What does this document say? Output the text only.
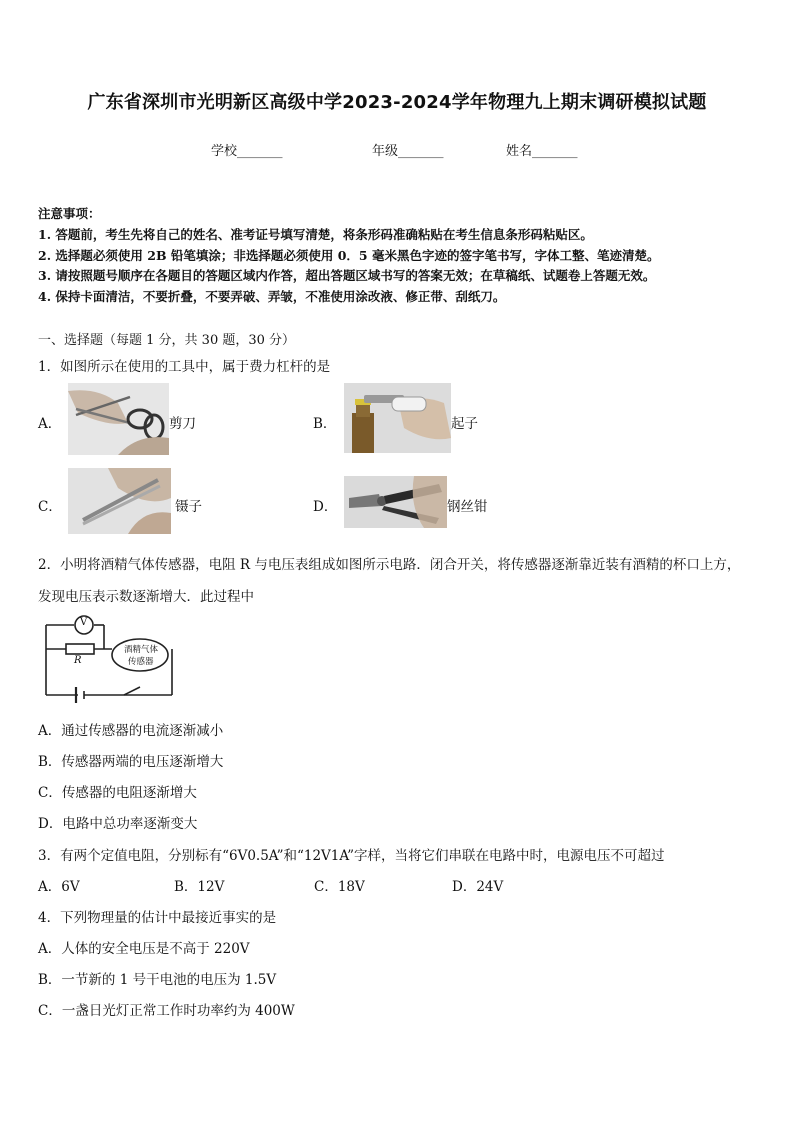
广东省深圳市光明新区高级中学2023-2024学年物理九上期末调研模拟试题
学校_______	年级_______	姓名_______
注意事项：
1. 答题前，考生先将自己的姓名、准考证号填写清楚，将条形码准确粘贴在考生信息条形码粘贴区。
2. 选择题必须使用 2B 铅笔填涂；非选择题必须使用 0．5 毫米黑色字迹的签字笔书写，字体工整、笔迹清楚。
3. 请按照题号顺序在各题目的答题区域内作答，超出答题区域书写的答案无效；在草稿纸、试题卷上答题无效。
4. 保持卡面清洁，不要折叠，不要弄破、弄皱，不准使用涂改液、修正带、刮纸刀。
一、选择题（每题 1 分，共 30 题，30 分）
1．如图所示在使用的工具中，属于费力杠杆的是
A．	剪刀	B．	起子
C．	镊子	D．	钢丝钳
2．小明将酒精气体传感器，电阻 R 与电压表组成如图所示电路．闭合开关，将传感器逐渐靠近装有酒精的杯口上方，
发现电压表示数逐渐增大．此过程中
V
R
酒精气体
传感器
A．通过传感器的电流逐渐减小
B．传感器两端的电压逐渐增大
C．传感器的电阻逐渐增大
D．电路中总功率逐渐变大
3．有两个定值电阻，分别标有“6V0.5A”和“12V1A”字样，当将它们串联在电路中时，电源电压不可超过
A．6V	B．12V	C．18V	D．24V
4．下列物理量的估计中最接近事实的是
A．人体的安全电压是不高于 220V
B．一节新的 1 号干电池的电压为 1.5V
C．一盏日光灯正常工作时功率约为 400W
